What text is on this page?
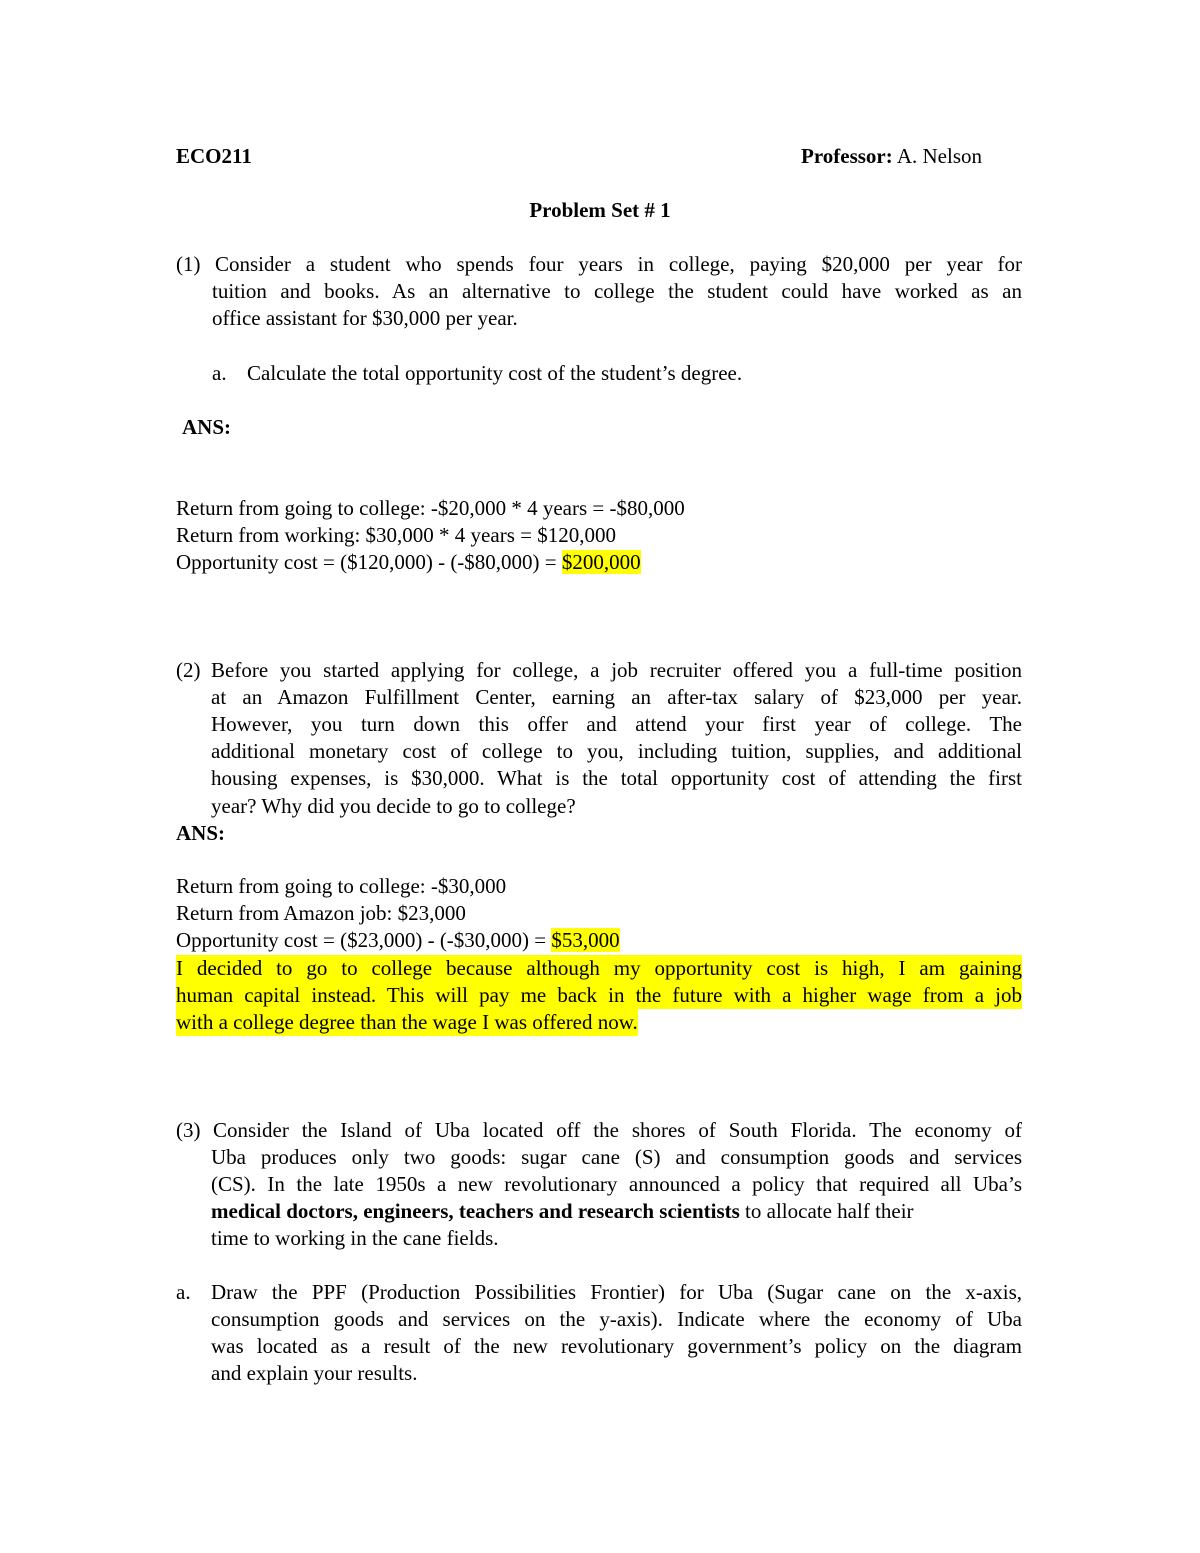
ECO211	Professor: A. Nelson
Problem Set # 1
(1) Consider a student who spends four years in college, paying $20,000 per year for
tuition and books. As an alternative to college the student could have worked as an
office assistant for $30,000 per year.
a. Calculate the total opportunity cost of the student’s degree.
ANS:
Return from going to college: -$20,000 * 4 years = -$80,000
Return from working: $30,000 * 4 years = $120,000
Opportunity cost = ($120,000) - (-$80,000) = $200,000
(2) Before you started applying for college, a job recruiter offered you a full-time position
at an Amazon Fulfillment Center, earning an after-tax salary of $23,000 per year.
However, you turn down this offer and attend your first year of college. The
additional monetary cost of college to you, including tuition, supplies, and additional
housing expenses, is $30,000. What is the total opportunity cost of attending the first
year? Why did you decide to go to college?
ANS:
Return from going to college: -$30,000
Return from Amazon job: $23,000
Opportunity cost = ($23,000) - (-$30,000) = $53,000
I decided to go to college because although my opportunity cost is high, I am gaining
human capital instead. This will pay me back in the future with a higher wage from a job
with a college degree than the wage I was offered now.
(3) Consider the Island of Uba located off the shores of South Florida. The economy of
Uba produces only two goods: sugar cane (S) and consumption goods and services
(CS). In the late 1950s a new revolutionary announced a policy that required all Uba’s
medical doctors, engineers, teachers and research scientists to allocate half their
time to working in the cane fields.
a. Draw the PPF (Production Possibilities Frontier) for Uba (Sugar cane on the x-axis,
consumption goods and services on the y-axis). Indicate where the economy of Uba
was located as a result of the new revolutionary government’s policy on the diagram
and explain your results.
